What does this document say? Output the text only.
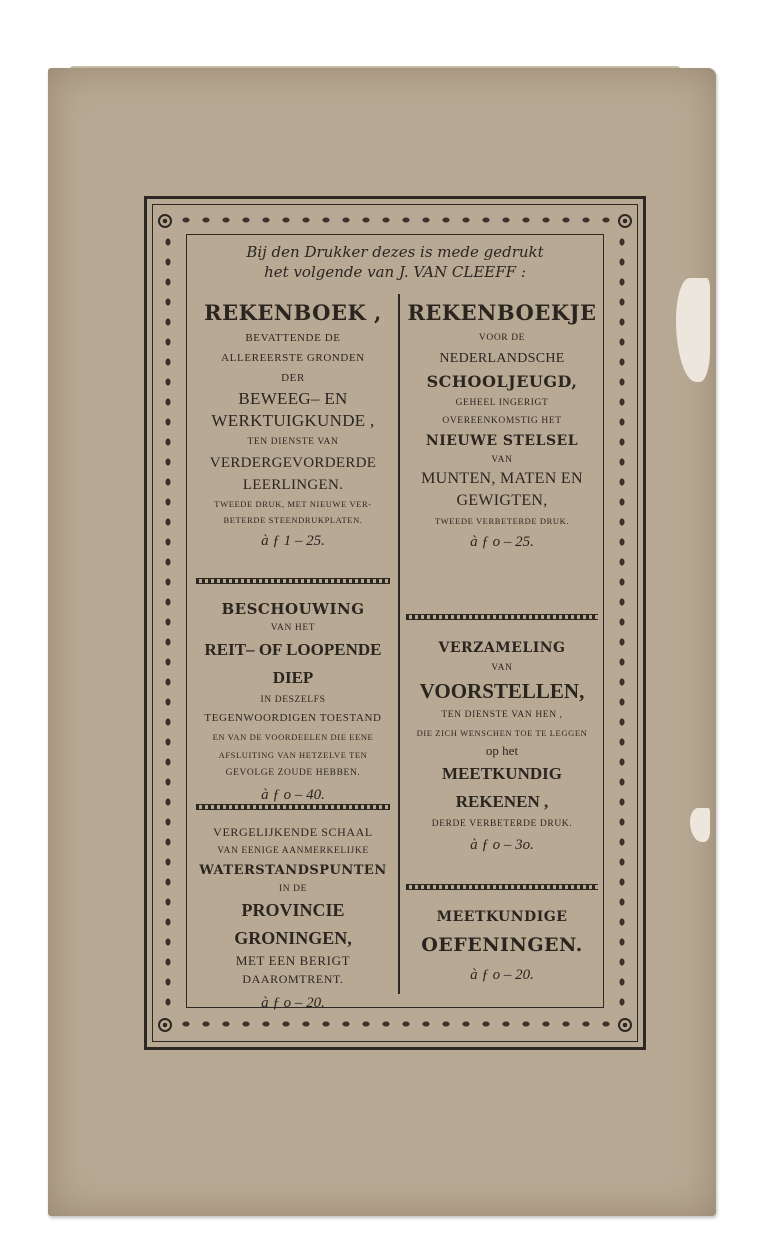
Bij den Drukker dezes is mede gedrukt
het volgende van J. VAN CLEEFF :
REKENBOEK ,
BEVATTENDE DE
ALLEREERSTE GRONDEN
DER
BEWEEG– EN
WERKTUIGKUNDE ,
TEN DIENSTE VAN
VERDERGEVORDERDE
LEERLINGEN.
TWEEDE DRUK, MET NIEUWE VER-
BETERDE STEENDRUKPLATEN.
à ƒ 1 – 25.
BESCHOUWING
VAN HET
REIT– OF LOOPENDE DIEP
IN DESZELFS
TEGENWOORDIGEN TOESTAND
EN VAN DE VOORDEELEN DIE EENE
AFSLUITING VAN HETZELVE TEN
GEVOLGE ZOUDE HEBBEN.
à ƒ o – 40.
VERGELIJKENDE SCHAAL
VAN EENIGE AANMERKELIJKE
WATERSTANDSPUNTEN
IN DE
PROVINCIE GRONINGEN,
MET EEN BERIGT
DAAROMTRENT.
à ƒ o – 20.
REKENBOEKJE
VOOR DE
NEDERLANDSCHE
SCHOOLJEUGD,
GEHEEL INGERIGT
OVEREENKOMSTIG HET
NIEUWE STELSEL
VAN
MUNTEN, MATEN EN
GEWIGTEN,
TWEEDE VERBETERDE DRUK.
à ƒ o – 25.
VERZAMELING
VAN
VOORSTELLEN,
TEN DIENSTE VAN HEN ,
DIE ZICH WENSCHEN TOE TE LEGGEN
op het
MEETKUNDIG REKENEN ,
DERDE VERBETERDE DRUK.
à ƒ o – 3o.
MEETKUNDIGE
OEFENINGEN.
à ƒ o – 20.
